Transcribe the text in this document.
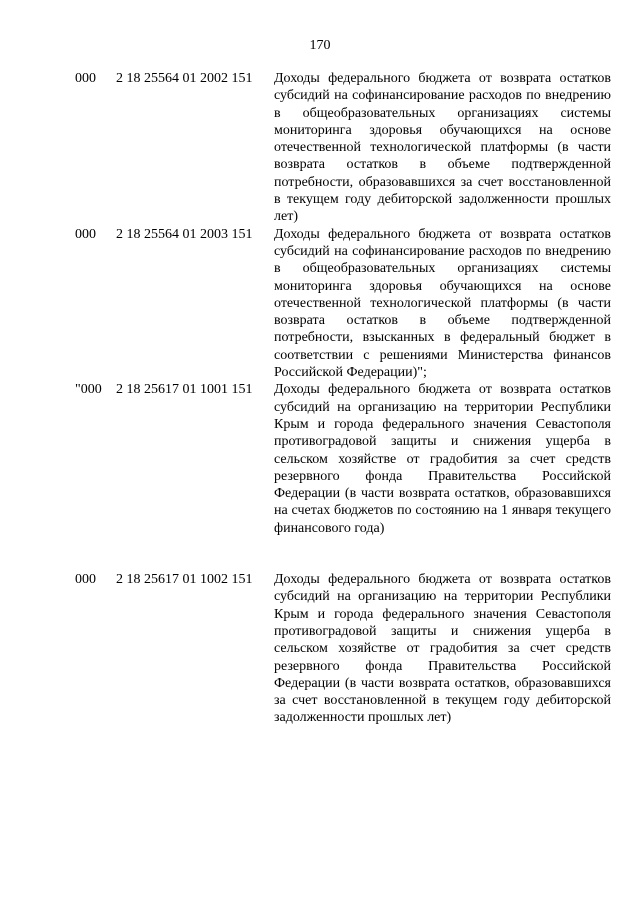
170
000	2 18 25564 01 2002 151 Доходы федерального бюджета от возврата остатков субсидий на софинансирование расходов по внедрению в общеобразовательных организациях системы мониторинга здоровья обучающихся на основе отечественной технологической платформы (в части возврата остатков в объеме подтвержденной потребности, образовавшихся за счет восстановленной в текущем году дебиторской задолженности прошлых лет)
000	2 18 25564 01 2003 151 Доходы федерального бюджета от возврата остатков субсидий на софинансирование расходов по внедрению в общеобразовательных организациях системы мониторинга здоровья обучающихся на основе отечественной технологической платформы (в части возврата остатков в объеме подтвержденной потребности, взысканных в федеральный бюджет в соответствии с решениями Министерства финансов Российской Федерации)";
"000	2 18 25617 01 1001 151 Доходы федерального бюджета от возврата остатков субсидий на организацию на территории Республики Крым и города федерального значения Севастополя противоградовой защиты и снижения ущерба в сельском хозяйстве от градобития за счет средств резервного фонда Правительства Российской Федерации (в части возврата остатков, образовавшихся на счетах бюджетов по состоянию на 1 января текущего финансового года)
000	2 18 25617 01 1002 151 Доходы федерального бюджета от возврата остатков субсидий на организацию на территории Республики Крым и города федерального значения Севастополя противоградовой защиты и снижения ущерба в сельском хозяйстве от градобития за счет средств резервного фонда Правительства Российской Федерации (в части возврата остатков, образовавшихся за счет восстановленной в текущем году дебиторской задолженности прошлых лет)
